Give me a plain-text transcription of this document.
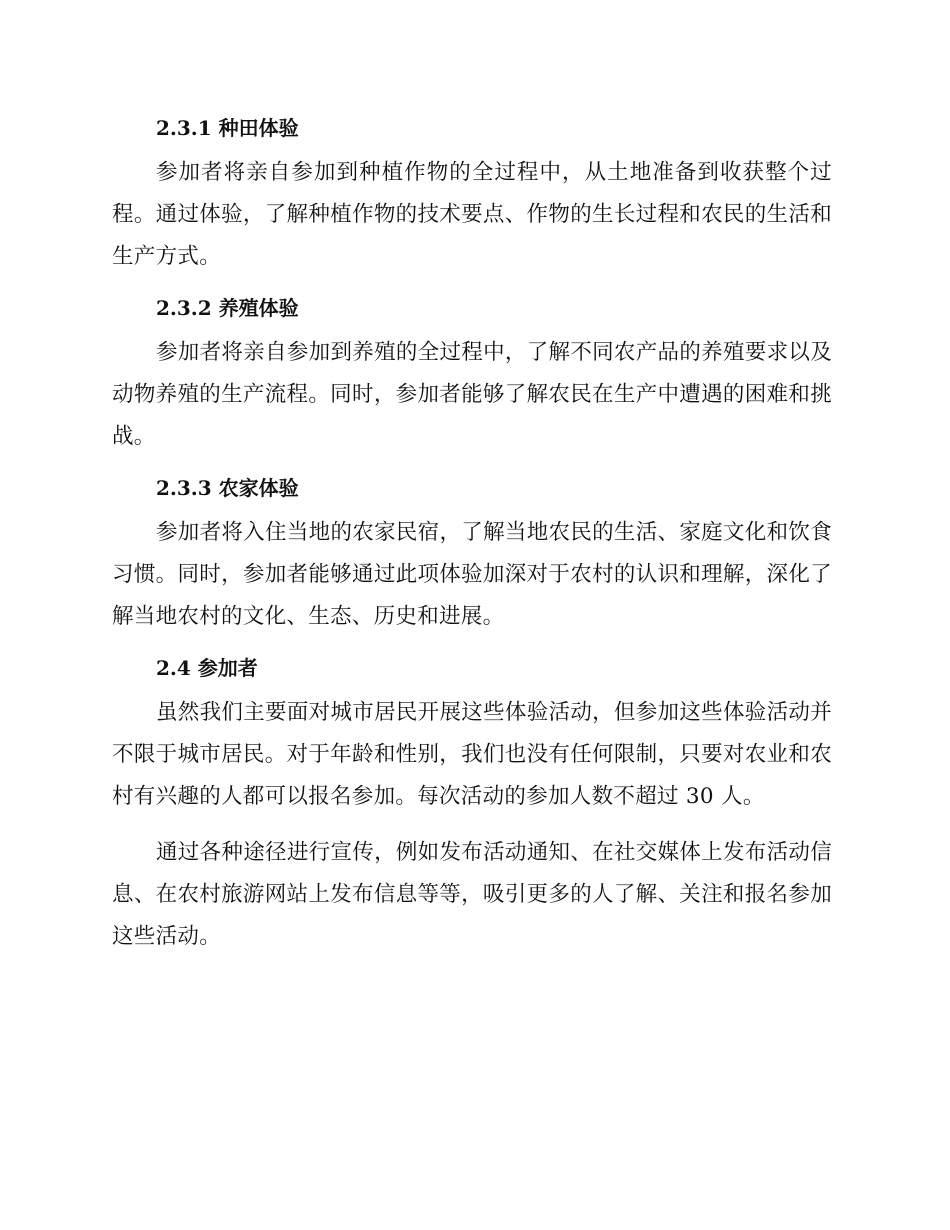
2.3.1 种田体验

参加者将亲自参加到种植作物的全过程中，从土地准备到收获整个过程。通过体验，了解种植作物的技术要点、作物的生长过程和农民的生活和生产方式。

2.3.2 养殖体验

参加者将亲自参加到养殖的全过程中，了解不同农产品的养殖要求以及动物养殖的生产流程。同时，参加者能够了解农民在生产中遭遇的困难和挑战。

2.3.3 农家体验

参加者将入住当地的农家民宿，了解当地农民的生活、家庭文化和饮食习惯。同时，参加者能够通过此项体验加深对于农村的认识和理解，深化了解当地农村的文化、生态、历史和进展。

2.4 参加者

虽然我们主要面对城市居民开展这些体验活动，但参加这些体验活动并不限于城市居民。对于年龄和性别，我们也没有任何限制，只要对农业和农村有兴趣的人都可以报名参加。每次活动的参加人数不超过 30 人。

通过各种途径进行宣传，例如发布活动通知、在社交媒体上发布活动信息、在农村旅游网站上发布信息等等，吸引更多的人了解、关注和报名参加这些活动。
